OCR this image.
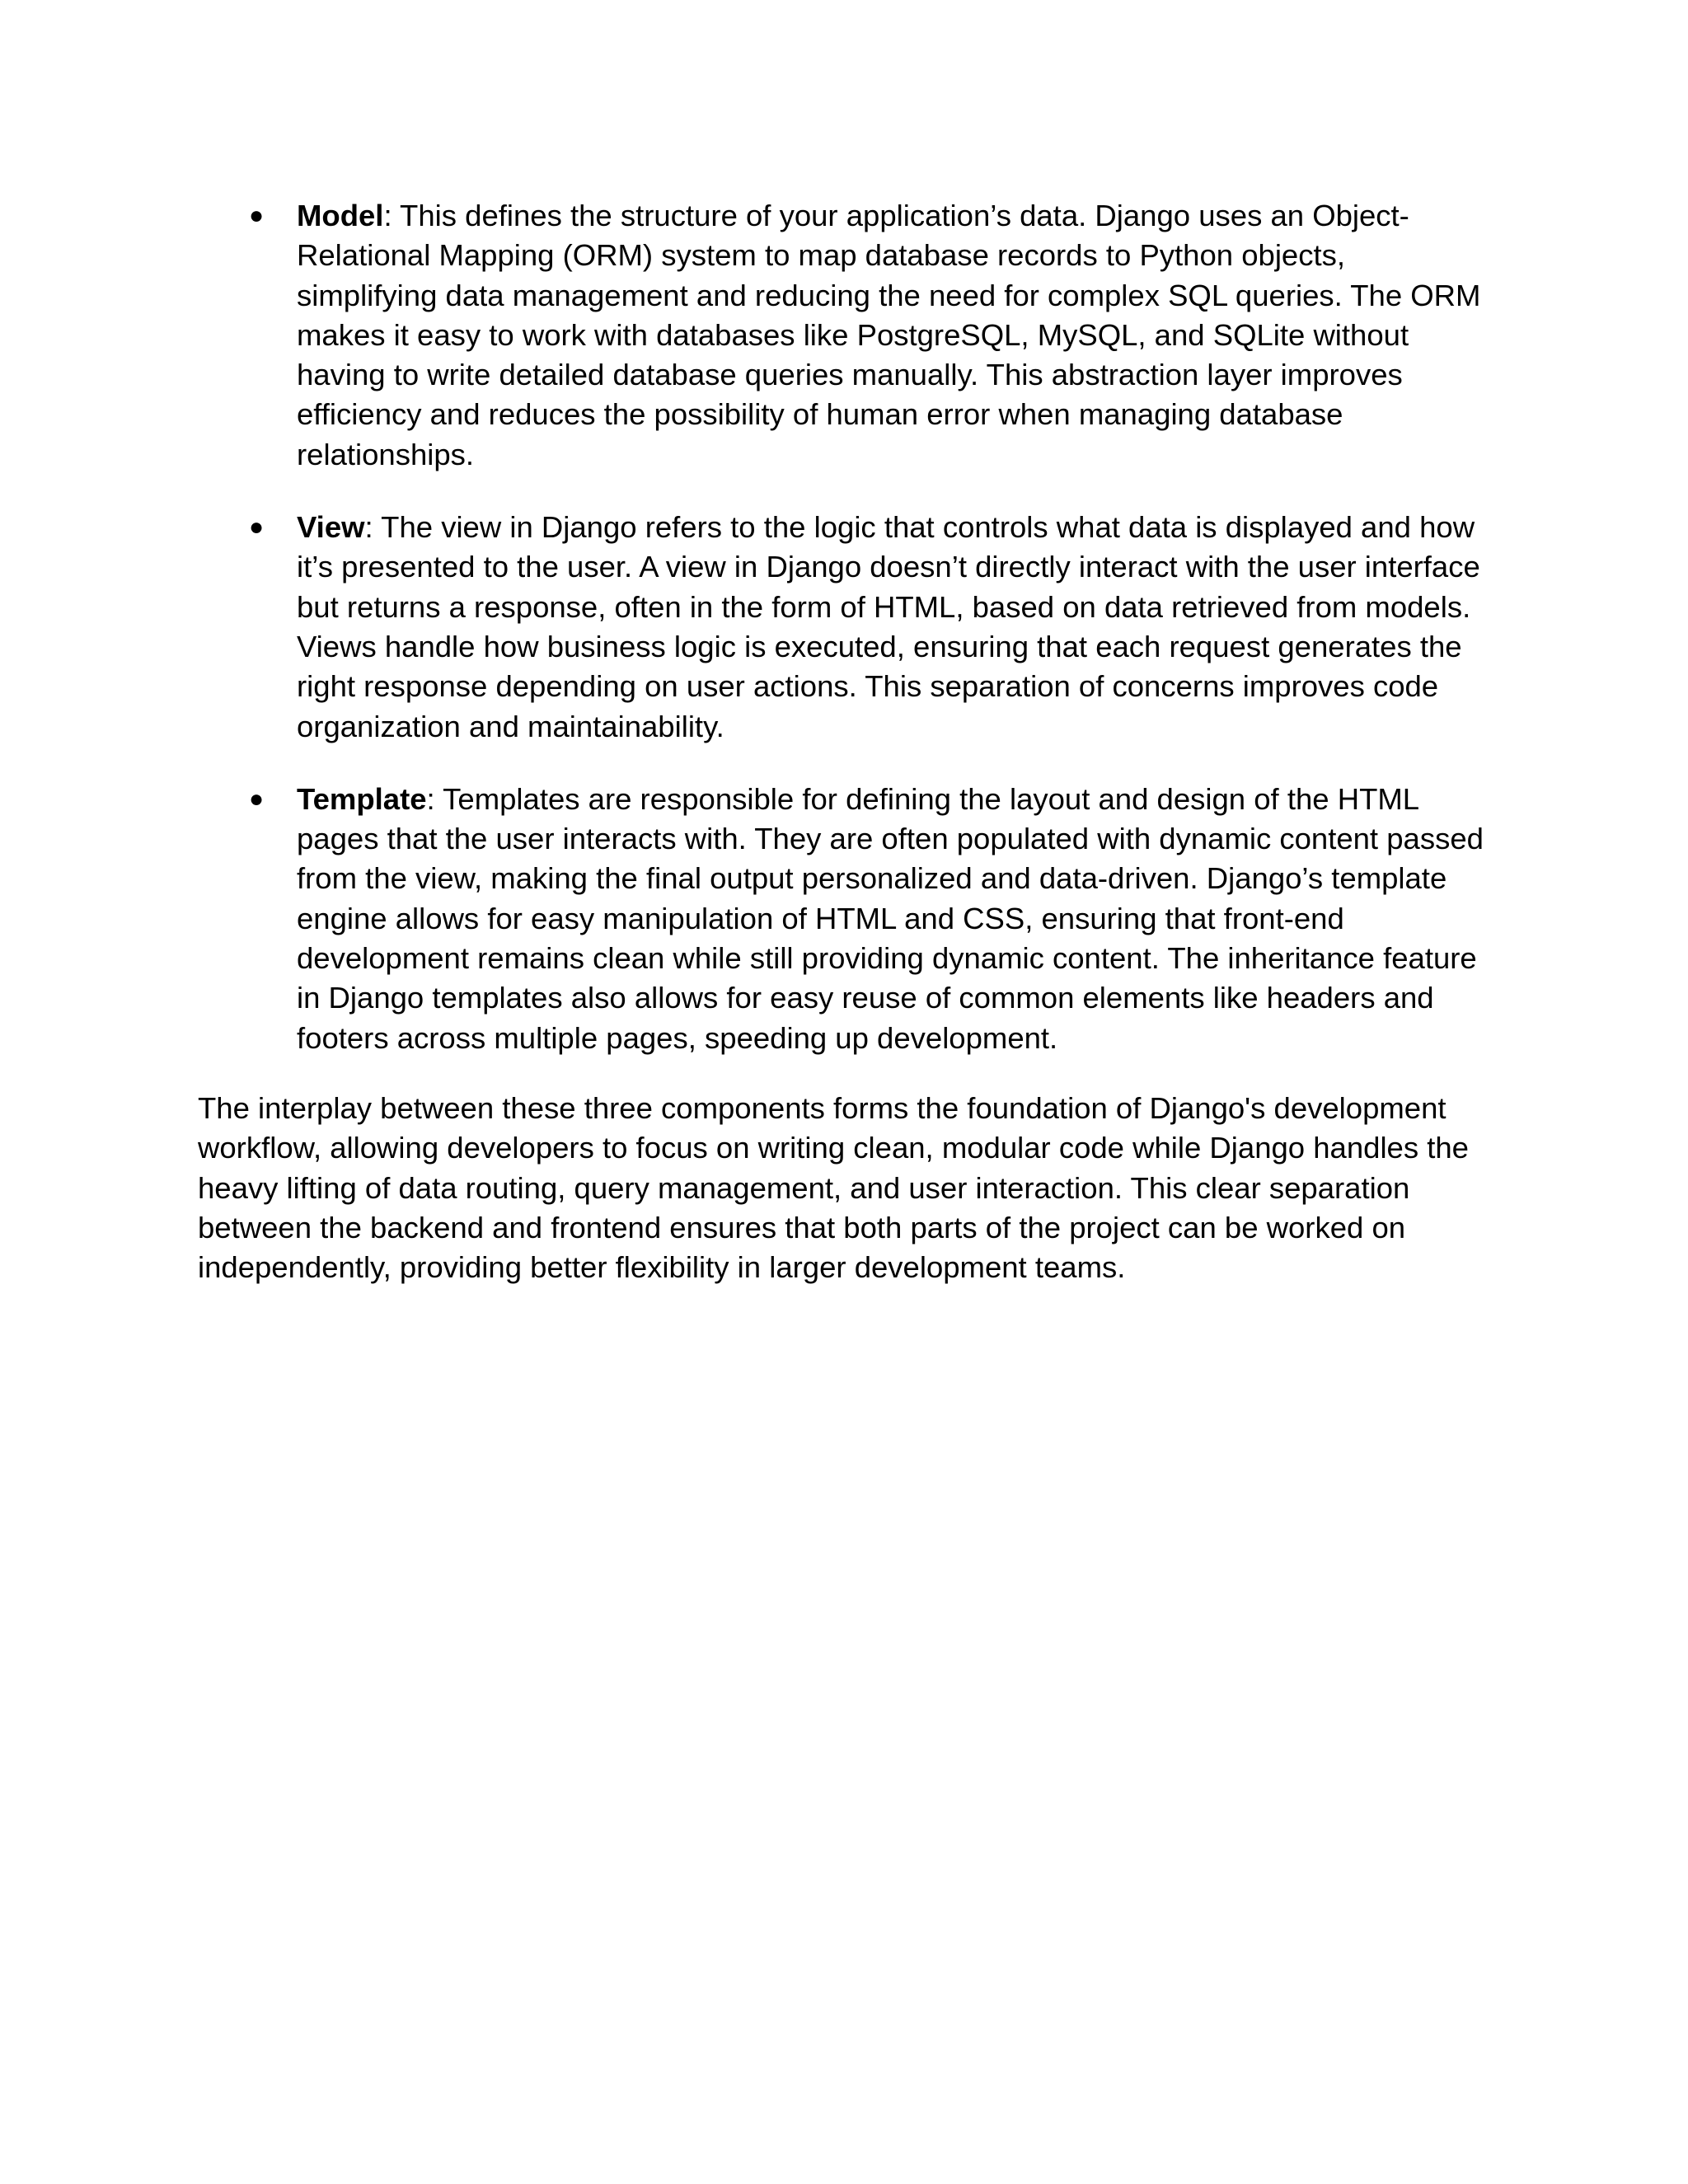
● Model: This defines the structure of your application’s data. Django uses an Object-Relational Mapping (ORM) system to map database records to Python objects, simplifying data management and reducing the need for complex SQL queries. The ORM makes it easy to work with databases like PostgreSQL, MySQL, and SQLite without having to write detailed database queries manually. This abstraction layer improves efficiency and reduces the possibility of human error when managing database relationships.
● View: The view in Django refers to the logic that controls what data is displayed and how it’s presented to the user. A view in Django doesn’t directly interact with the user interface but returns a response, often in the form of HTML, based on data retrieved from models. Views handle how business logic is executed, ensuring that each request generates the right response depending on user actions. This separation of concerns improves code organization and maintainability.
● Template: Templates are responsible for defining the layout and design of the HTML pages that the user interacts with. They are often populated with dynamic content passed from the view, making the final output personalized and data-driven. Django’s template engine allows for easy manipulation of HTML and CSS, ensuring that front-end development remains clean while still providing dynamic content. The inheritance feature in Django templates also allows for easy reuse of common elements like headers and footers across multiple pages, speeding up development.

The interplay between these three components forms the foundation of Django's development workflow, allowing developers to focus on writing clean, modular code while Django handles the heavy lifting of data routing, query management, and user interaction. This clear separation between the backend and frontend ensures that both parts of the project can be worked on independently, providing better flexibility in larger development teams.
